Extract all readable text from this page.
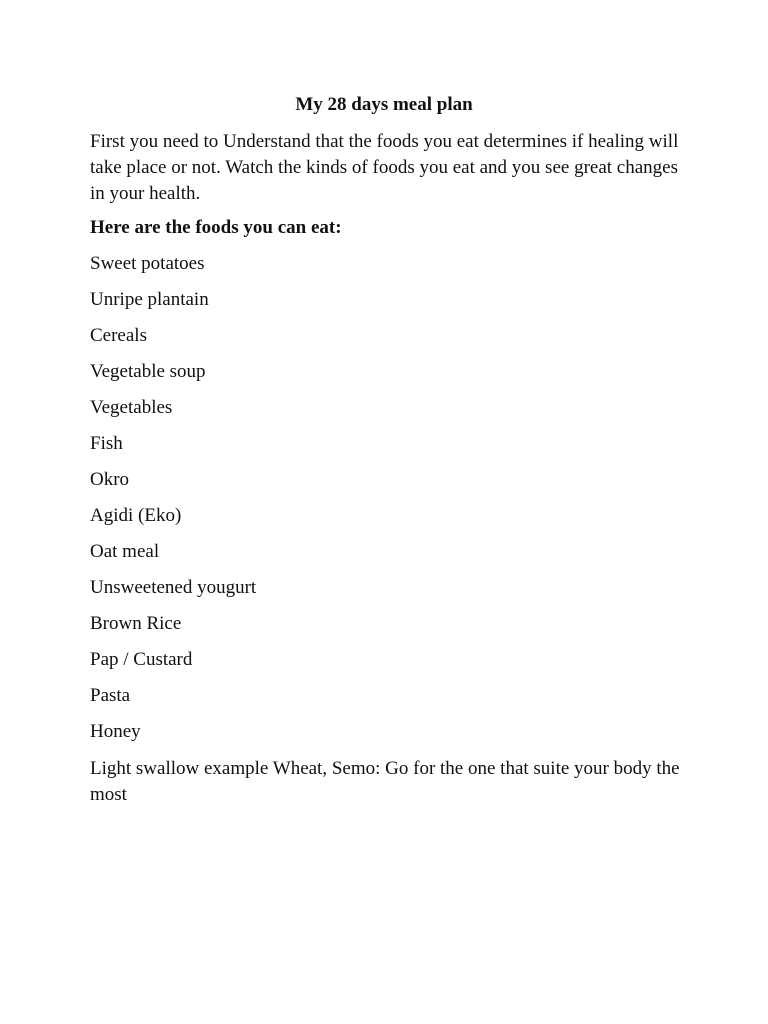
My 28 days meal plan

First you need to Understand that the foods you eat determines if healing will take place or not. Watch the kinds of foods you eat and you see great changes in your health.

Here are the foods you can eat:

Sweet potatoes
Unripe plantain
Cereals
Vegetable soup
Vegetables
Fish
Okro
Agidi (Eko)
Oat meal
Unsweetened yougurt
Brown Rice
Pap / Custard
Pasta
Honey
Light swallow example Wheat, Semo: Go for the one that suite your body the most
